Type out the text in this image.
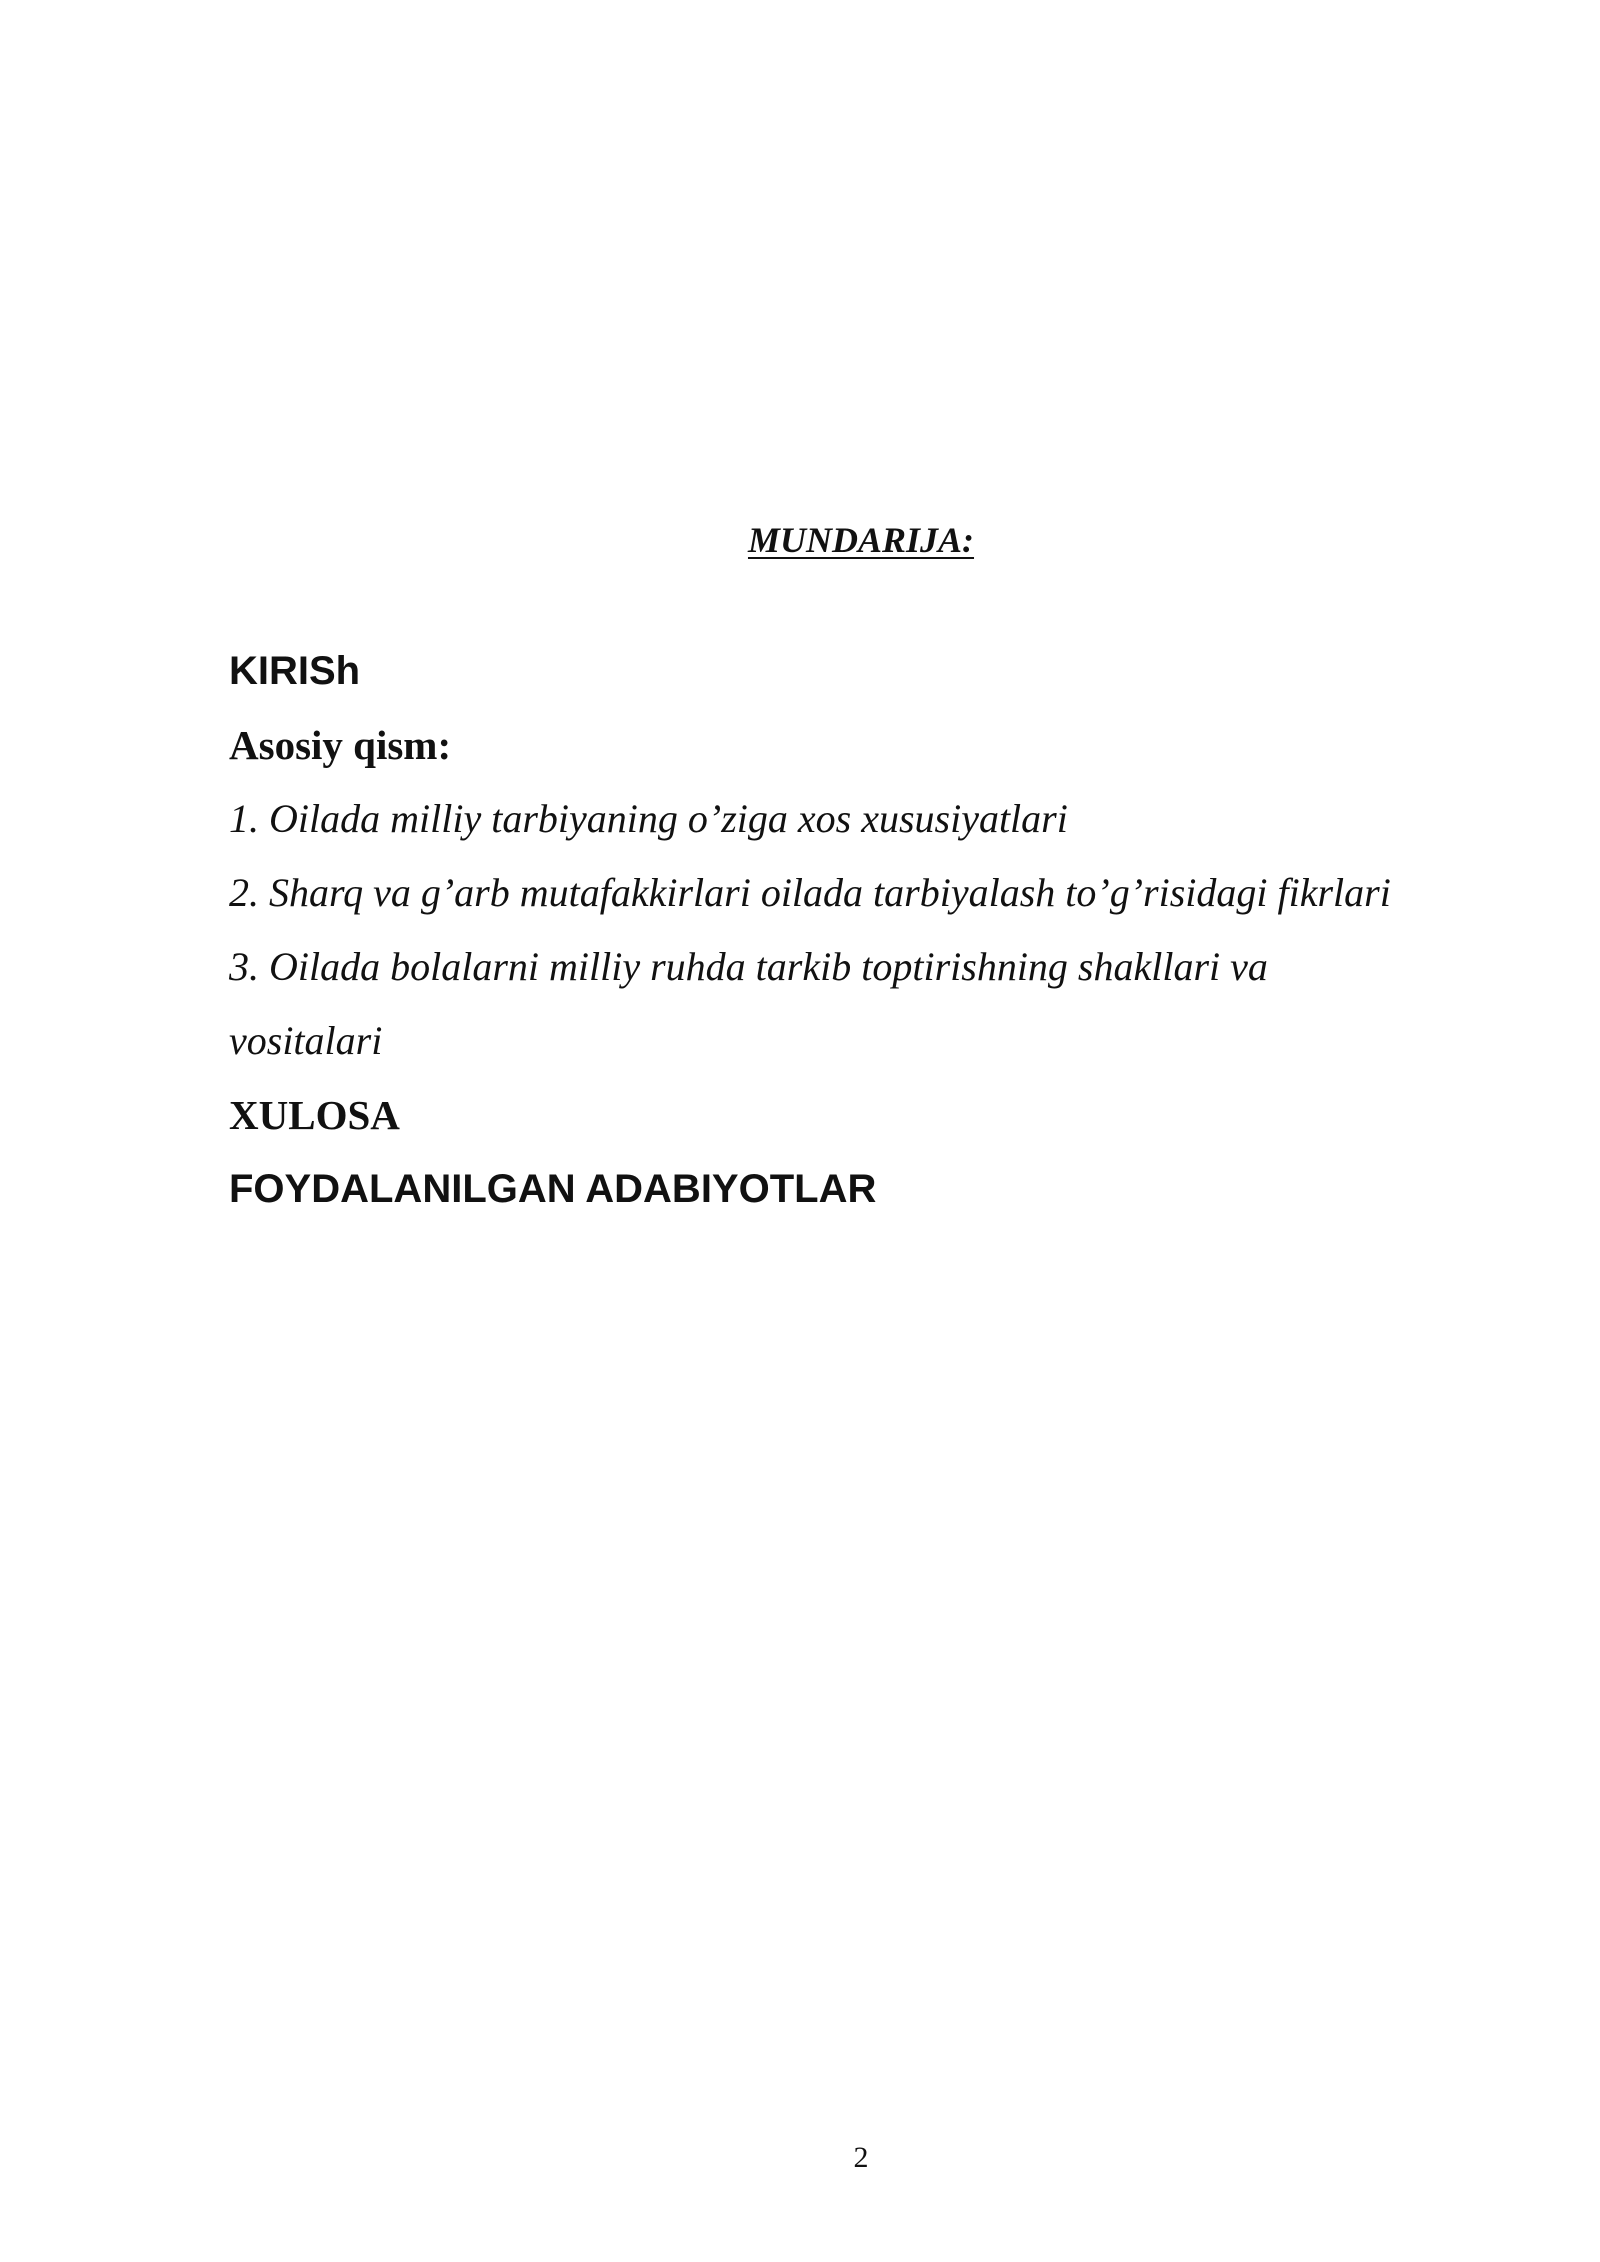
MUNDARIJA:
KIRISh
Asosiy qism:
1. Oilada milliy tarbiyaning o’ziga xos xususiyatlari
2. Sharq va g’arb mutafakkirlari oilada tarbiyalash to’g’risidagi fikrlari
3. Oilada bolalarni milliy ruhda tarkib toptirishning shakllari va
vositalari
XULOSA
FOYDALANILGAN ADABIYOTLAR
2
